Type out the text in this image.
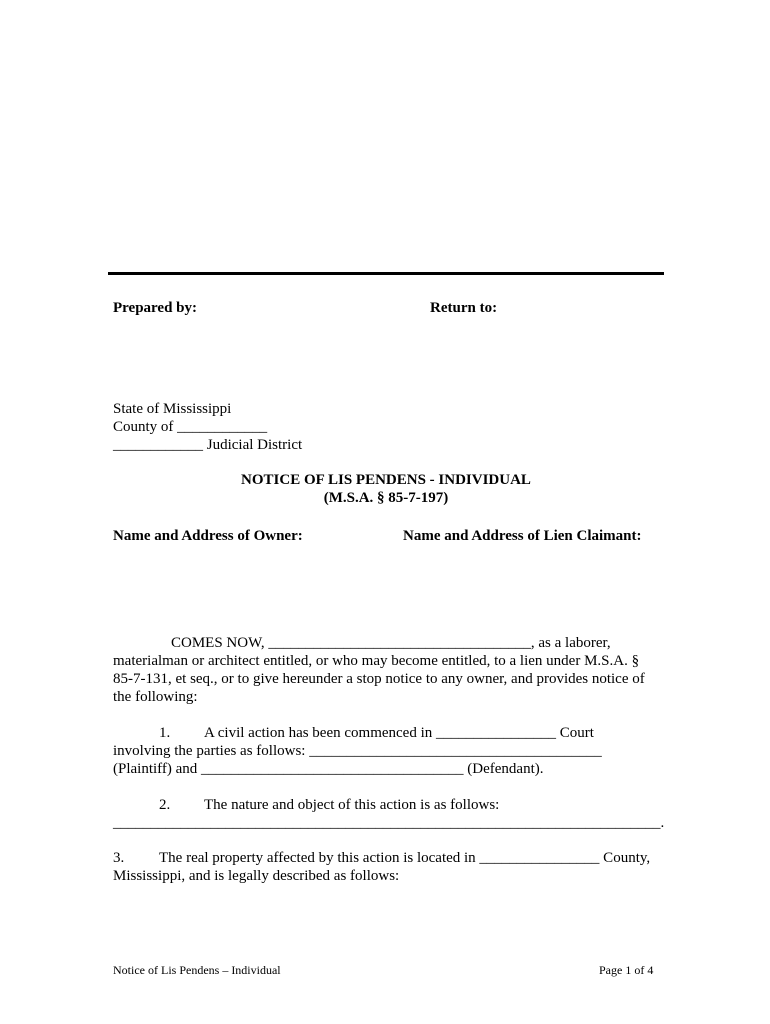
Prepared by:	Return to:
State of Mississippi
County of ____________
____________ Judicial District
NOTICE OF LIS PENDENS - INDIVIDUAL
(M.S.A. § 85-7-197)
Name and Address of Owner:	Name and Address of Lien Claimant:
COMES NOW, ___________________________________, as a laborer,
materialman or architect entitled, or who may become entitled, to a lien under M.S.A. §
85-7-131, et seq., or to give hereunder a stop notice to any owner, and provides notice of
the following:
1. A civil action has been commenced in ________________ Court
involving the parties as follows: _______________________________________
(Plaintiff) and ___________________________________ (Defendant).
2. The nature and object of this action is as follows:
_________________________________________________________________________.
3. The real property affected by this action is located in ________________ County,
Mississippi, and is legally described as follows:
Notice of Lis Pendens – Individual	Page 1 of 4
